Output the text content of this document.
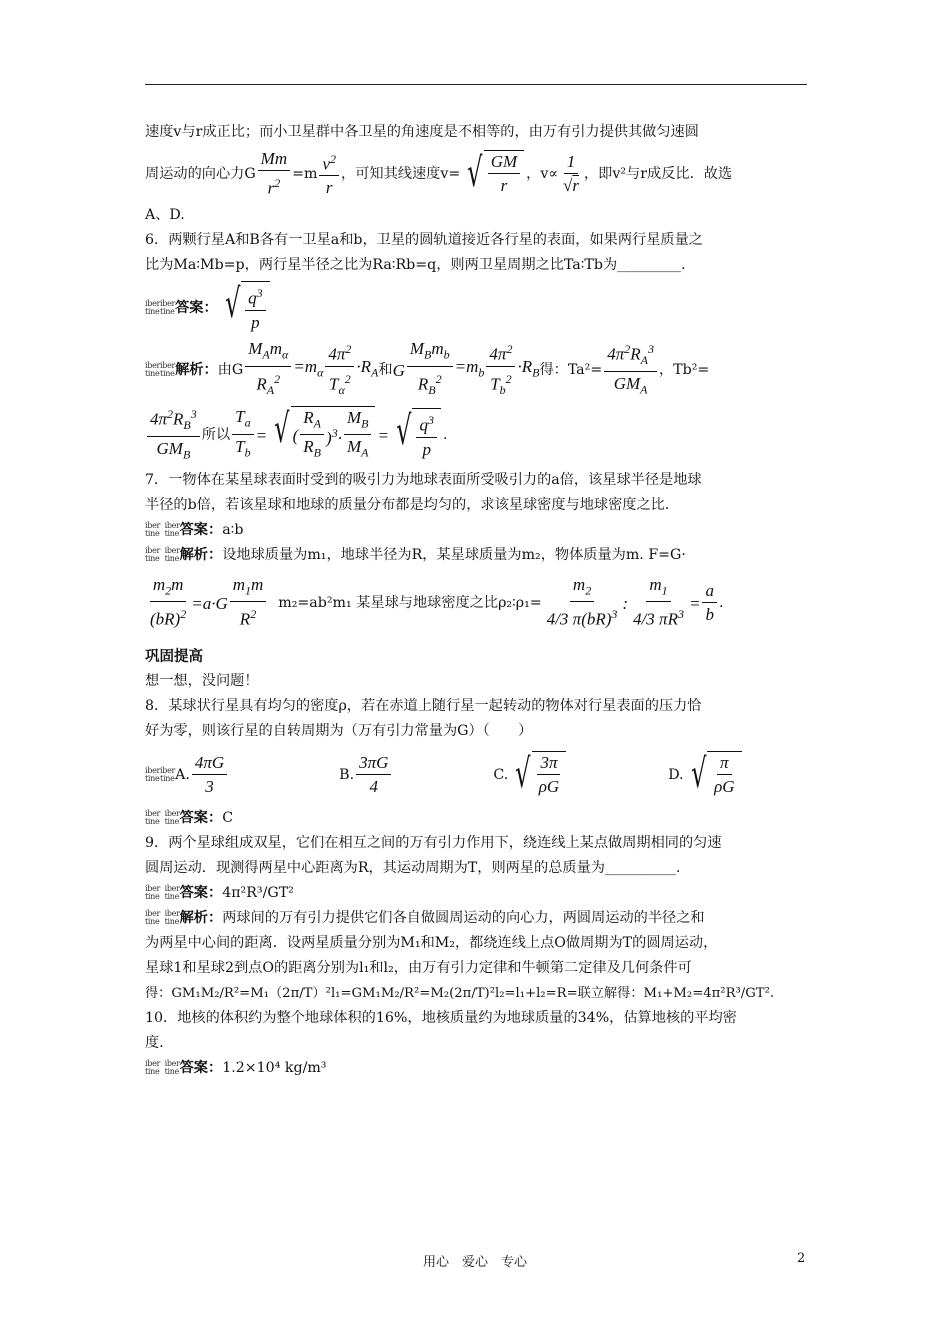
速度v与r成正比；而小卫星群中各卫星的角速度是不相等的，由万有引力提供其做匀速圆

周运动的向心力G $\frac{Mm}{r^2} =m \frac{v^2}{r}$ ，可知其线速度v= √ $\frac{GM}{r}$ ，$v\propto \frac{1}{√r}$ ，即v²与r成反比．故选

A、D.

6．两颗行星A和B各有一卫星a和b，卫星的圆轨道接近各行星的表面，如果两行星质量之

比为Ma∶Mb=p，两行星半径之比为Ra∶Rb=q，则两卫星周期之比Ta∶Tb为_________.

iber
tine
iber
tine 答案： √ $\frac{q^3}{p}$
iber
tine
iber
tine 解析： 由G $\frac{M_Am_\alpha}{R_A^2} =m_\alpha \frac{4\pi^2}{T_\alpha^2} \cdot R_A$ 和 G $\frac{M_Bm_b}{R_B^2} =m_b \frac{4\pi^2}{T_b^2} \cdot R_B$ 得：$Ta^2= \frac{4\pi^2R_A^3}{GM_A}$ ，Tb²=
$\frac{4\pi^2R_B^3}{GM_B}$ 所以 $\frac{T_a}{T_b}$ = √ ( $\frac{R_A}{R_B} )^3\cdot \frac{M_B}{M_A}$ = √ $\frac{q^3}{p}$ .

7．一物体在某星球表面时受到的吸引力为地球表面所受吸引力的a倍，该星球半径是地球

半径的b倍，若该星球和地球的质量分布都是均匀的，求该星球密度与地球密度之比．

iber
tine iber
tine答案：a∶b

iber
tine iber
tine解析：设地球质量为m₁，地球半径为R，某星球质量为m₂，物体质量为m. F=G·

$\frac{m_2m}{(bR)^2} =a\cdot G \frac{m_1m}{R^2} m_2=ab^2m_1$ 某星球与地球密度之比ρ₂∶ρ₁= $\frac{m_2}{4/3 \pi(bR)^3}$ : $\frac{m_1}{4/3 \pi R^3} = \frac{a}{b}$ .

巩固提高

想一想，没问题！

8．某球状行星具有均匀的密度ρ，若在赤道上随行星一起转动的物体对行星表面的压力恰

好为零，则该行星的自转周期为（万有引力常量为G）（　　）

iber
tine
iber
tine A. $\frac{4\pi G}{3}$	B. $\frac{3\pi G}{4}$	C. √ $\frac{3\pi}{\rho G}$	D. √ $\frac{\pi}{\rho G}$

iber
tine iber
tine答案：C

9．两个星球组成双星，它们在相互之间的万有引力作用下，绕连线上某点做周期相同的匀速

圆周运动．现测得两星中心距离为R，其运动周期为T，则两星的总质量为__________.

iber
tine iber
tine答案：4π²R³/GT²

iber
tine iber
tine解析：两球间的万有引力提供它们各自做圆周运动的向心力，两圆周运动的半径之和

为两星中心间的距离．设两星质量分别为M₁和M₂，都绕连线上点O做周期为T的圆周运动，

星球1和星球2到点O的距离分别为l₁和l₂，由万有引力定律和牛顿第二定律及几何条件可

得：GM₁M₂/R²=M₁（2π/T）²l₁=GM₁M₂/R²=M₂(2π/T)²l₂=l₁+l₂=R=联立解得：M₁+M₂=4π²R³/GT².

10．地核的体积约为整个地球体积的16%，地核质量约为地球质量的34%，估算地核的平均密

度．

iber
tine iber
tine答案：1.2×10⁴ kg/m³

用心　爱心　专心	2
